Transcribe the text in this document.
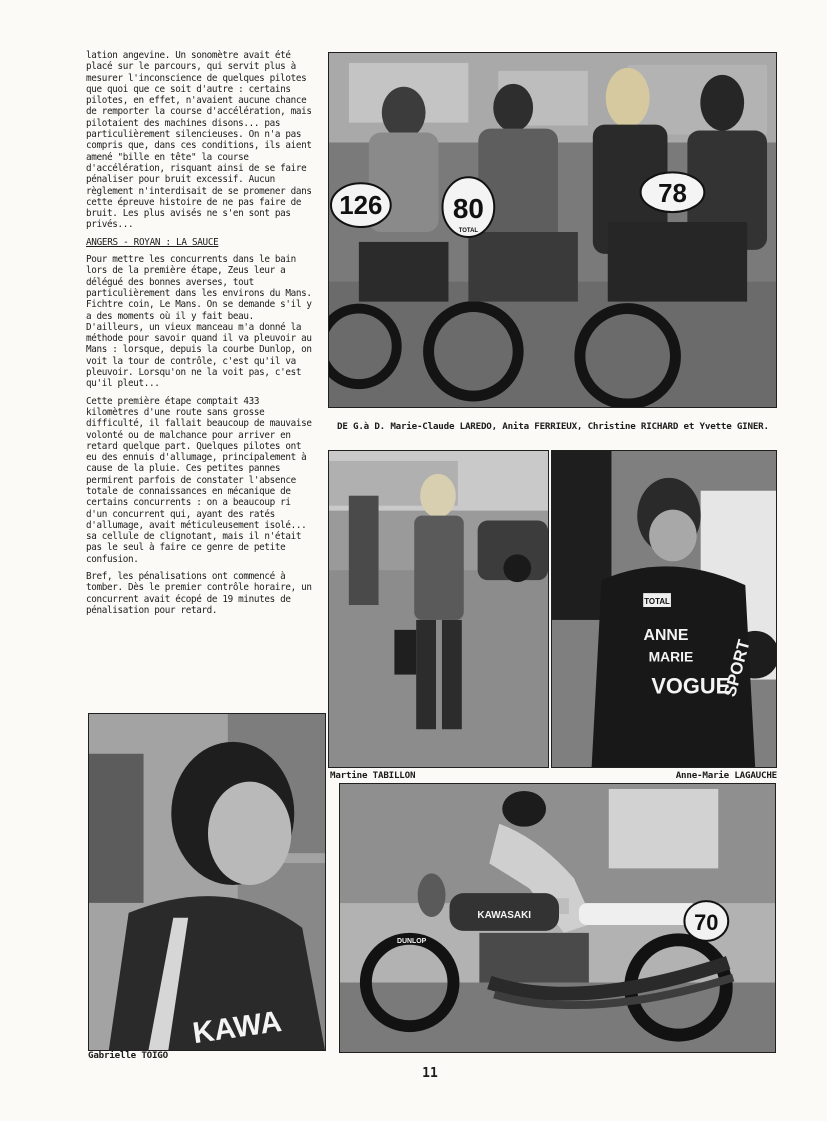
lation angevine. Un sonomètre avait été placé sur le parcours, qui servit plus à mesurer l'inconscience de quelques pilotes que quoi que ce soit d'autre : certains pilotes, en effet, n'avaient aucune chance de remporter la course d'accélération, mais pilotaient des machines disons... pas particulièrement silencieuses. On n'a pas compris que, dans ces conditions, ils aient amené "bille en tête" la course d'accélération, risquant ainsi de se faire pénaliser pour bruit excessif. Aucun règlement n'interdisait de se promener dans cette épreuve histoire de ne pas faire de bruit. Les plus avisés ne s'en sont pas privés...

ANGERS - ROYAN : LA SAUCE

Pour mettre les concurrents dans le bain lors de la première étape, Zeus leur a délégué des bonnes averses, tout particulièrement dans les environs du Mans. Fichtre coin, Le Mans. On se demande s'il y a des moments où il y fait beau. D'ailleurs, un vieux manceau m'a donné la méthode pour savoir quand il va pleuvoir au Mans : lorsque, depuis la courbe Dunlop, on voit la tour de contrôle, c'est qu'il va pleuvoir. Lorsqu'on ne la voit pas, c'est qu'il pleut...

Cette première étape comptait 433 kilomètres d'une route sans grosse difficulté, il fallait beaucoup de mauvaise volonté ou de malchance pour arriver en retard quelque part. Quelques pilotes ont eu des ennuis d'allumage, principalement à cause de la pluie. Ces petites pannes permirent parfois de constater l'absence totale de connaissances en mécanique de certains concurrents : on a beaucoup ri d'un concurrent qui, ayant des ratés d'allumage, avait méticuleusement isolé... sa cellule de clignotant, mais il n'était pas le seul à faire ce genre de petite confusion.

Bref, les pénalisations ont commencé à tomber. Dès le premier contrôle horaire, un concurrent avait écopé de 19 minutes de pénalisation pour retard.

126	80
TOTAL
78
DE G.à D. Marie-Claude LAREDO, Anita FERRIEUX, Christine RICHARD et Yvette GINER.
Martine TABILLON
ANNE
MARIE
VOGUE
SPORT
TOTAL
Anne-Marie LAGAUCHE
KAWA
Gabrielle TOIGO
KAWASAKI
DUNLOP
70
11
